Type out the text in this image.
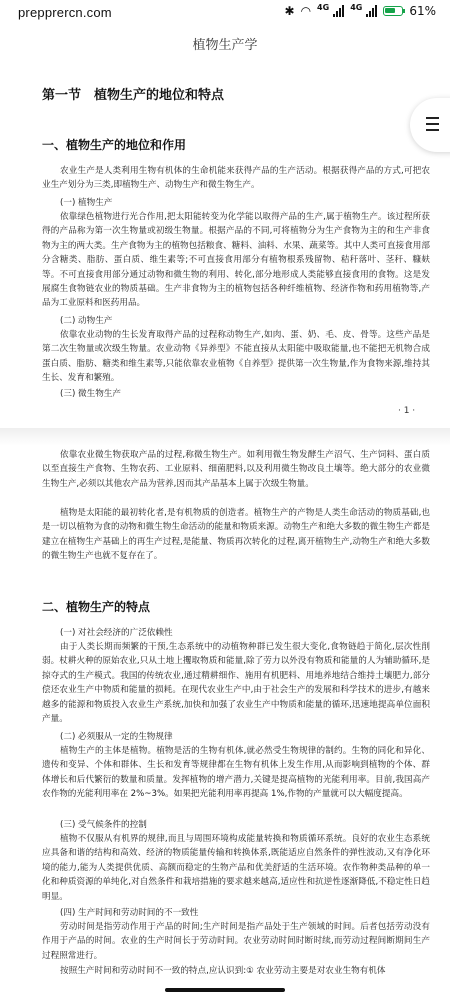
prepprercn.com	✱ ◠ 4G	4G	61%
植物生产学
第一节　植物生产的地位和特点
一、植物生产的地位和作用

农业生产是人类利用生物有机体的生命机能来获得产品的生产活动。根据获得产品的方式,可把农业生产划分为三类,即植物生产、动物生产和微生物生产。

(一) 植物生产

依靠绿色植物进行光合作用,把太阳能转变为化学能以取得产品的生产,属于植物生产。该过程所获得的产品称为第一次生物量或初级生物量。根据产品的不同,可将植物分为生产食物为主的和生产非食物为主的两大类。生产食物为主的植物包括粮食、糖料、油料、水果、蔬菜等。其中人类可直接食用部分含糖类、脂肪、蛋白质、维生素等;不可直接食用部分有植物根系残留物、秸秆落叶、茎秆、糠麸等。不可直接食用部分通过动物和微生物的利用、转化,部分地形成人类能够直接食用的食物。这是发展腐生食物链农业的物质基础。生产非食物为主的植物包括各种纤维植物、经济作物和药用植物等,产品为工业原料和医药用品。

(二) 动物生产

依靠农业动物的生长发育取得产品的过程称动物生产,如肉、蛋、奶、毛、皮、骨等。这些产品是第二次生物量或次级生物量。农业动物《异养型》不能直接从太阳能中吸取能量,也不能把无机物合成蛋白质、脂肪、糖类和维生素等,只能依靠农业植物《自养型》提供第一次生物量,作为食物来源,维持其生长、发育和繁殖。

(三) 微生物生产
· 1 ·

依靠农业微生物获取产品的过程,称微生物生产。如利用微生物发酵生产沼气、生产饲料、蛋白质以至直接生产食物、生物农药、工业原料、细菌肥料,以及利用微生物改良土壤等。绝大部分的农业微生物生产,必须以其他农产品为营养,因而其产品基本上属于次级生物量。

植物是太阳能的最初转化者,是有机物质的创造者。植物生产的产物是人类生命活动的物质基础,也是一切以植物为食的动物和微生物生命活动的能量和物质来源。动物生产和绝大多数的微生物生产都是建立在植物生产基础上的再生产过程,是能量、物质再次转化的过程,离开植物生产,动物生产和绝大多数的微生物生产也就不复存在了。

二、植物生产的特点
(一) 对社会经济的广泛依赖性

由于人类长期而频繁的干预,生态系统中的动植物种群已发生很大变化,食物链趋于简化,层次性削弱。杖耕火种的原始农业,只从土地上攫取物质和能量,除了劳力以外没有物质和能量的人为辅助循环,是掠夺式的生产模式。我国的传统农业,通过精耕细作、施用有机肥料、用地养地结合维持土壤肥力,部分偿还农业生产中物质和能量的损耗。在现代农业生产中,由于社会生产的发展和科学技术的进步,有越来越多的能源和物质投入农业生产系统,加快和加强了农业生产中物质和能量的循环,迅速地提高单位面积产量。

(二) 必须服从一定的生物规律

植物生产的主体是植物。植物是活的生物有机体,就必然受生物规律的制约。生物的同化和异化、遗传和变异、个体和群体、生长和发育等规律都在生物有机体上发生作用,从而影响到植物的个体、群体增长和后代繁衍的数量和质量。发挥植物的增产潜力,关键是提高植物的光能利用率。目前,我国高产农作物的光能利用率在 2%~3%。如果把光能利用率再提高 1%,作物的产量就可以大幅度提高。

(三) 受气候条件的控制

植物不仅服从有机界的规律,而且与周围环境构成能量转换和物质循环系统。良好的农业生态系统应具备和谐的结构和高效、经济的物质能量传输和转换体系,既能适应自然条件的弹性波动,又有净化环境的能力,能为人类提供优质、高额而稳定的生物产品和优美舒适的生活环境。农作物种类品种的单一化和种质资源的单纯化,对自然条件和栽培措施的要求越来越高,适应性和抗逆性逐渐降低,不稳定性日趋明显。

(四) 生产时间和劳动时间的不一致性

劳动时间是指劳动作用于产品的时间;生产时间是指产品处于生产领域的时间。后者包括劳动没有作用于产品的时间。农业的生产时间长于劳动时间。农业劳动时间时断时续,而劳动过程间断期间生产过程照常进行。

按照生产时间和劳动时间不一致的特点,应认识到:① 农业劳动主要是对农业生物有机体
